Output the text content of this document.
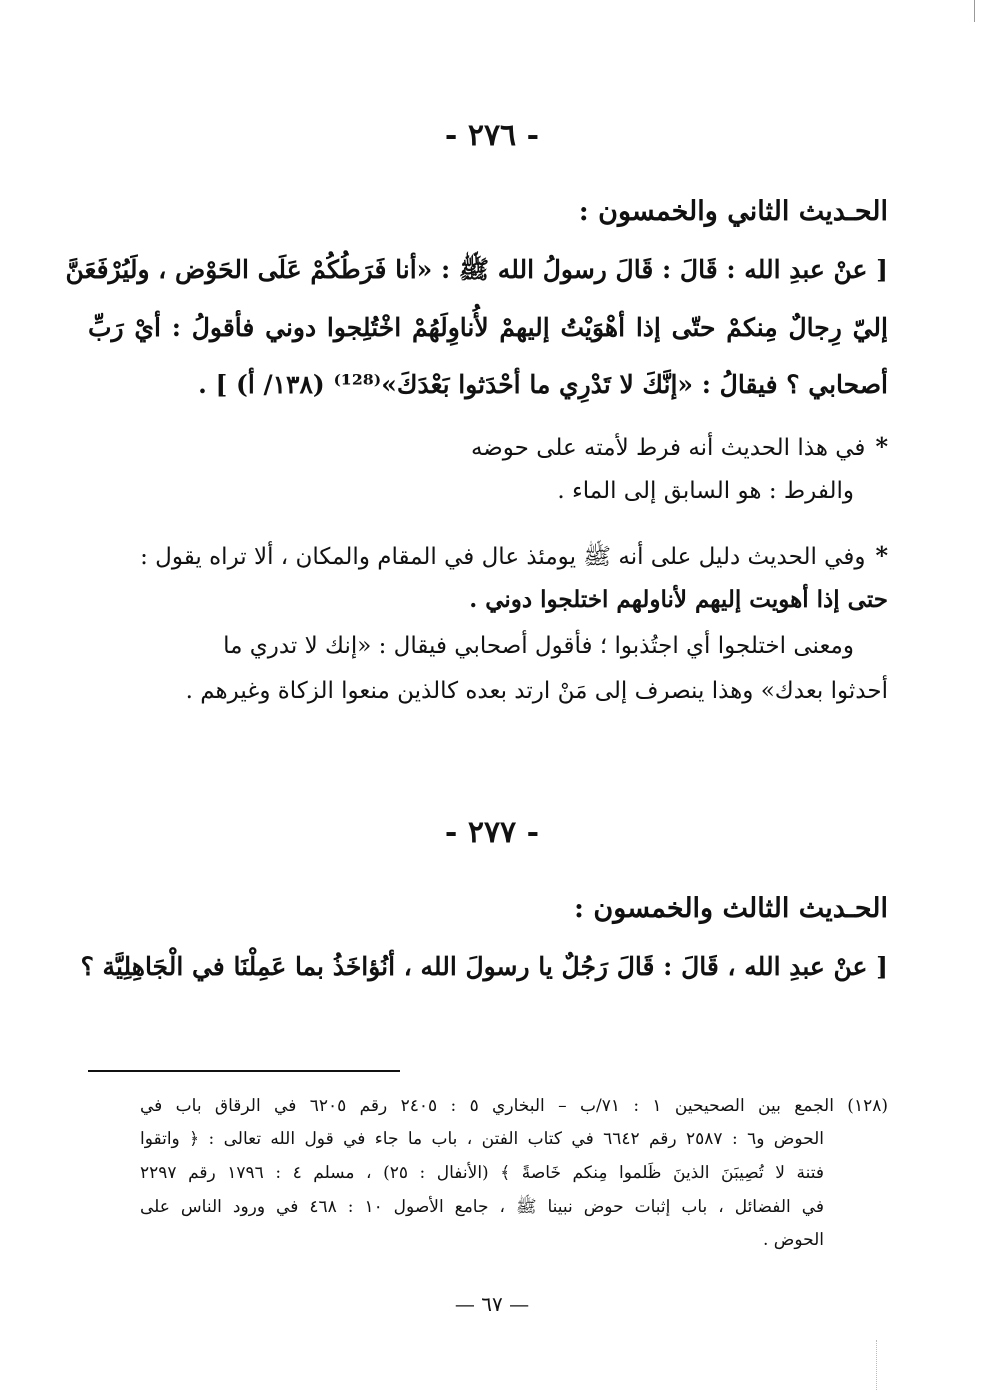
- ٢٧٦ -
الحـديث الثاني والخمسون :
[ عنْ عبدِ الله : قَالَ : قَالَ رسولُ الله ﷺ : «أنا فَرَطُكُمْ عَلَى الحَوْض ، ولَيُرْفَعَنَّ
إليّ رِجالٌ مِنكمْ حتّى إذا أهْوَيْتُ إليهمْ لأُناوِلَهُمْ اخْتُلِجوا دوني فأقولُ : أيْ رَبِّ
أصحابي ؟ فيقالُ : «إنَّكَ لا تَدْرِي ما أحْدَثوا بَعْدَكَ»⁽¹²⁸⁾ (١٣٨/ أ) ] .
*في هذا الحديث أنه فرط لأمته على حوضه
والفرط : هو السابق إلى الماء .
*وفي الحديث دليل على أنه ﷺ يومئذ عال في المقام والمكان ، ألا تراه يقول :
حتى إذا أهويت إليهم لأناولهم اختلجوا دوني .
ومعنى اختلجوا أي اجتُذبوا ؛ فأقول أصحابي فيقال : «إنك لا تدري ما
أحدثوا بعدك» وهذا ينصرف إلى مَنْ ارتد بعده كالذين منعوا الزكاة وغيرهم .
- ٢٧٧ -
الحـديث الثالث والخمسون :
[ عنْ عبدِ الله ، قَالَ : قَالَ رَجُلٌ يا رسولَ الله ، أنُؤاخَذُ بما عَمِلْنَا في الْجَاهِلِيَّة ؟
(١٢٨) الجمع بين الصحيحين ١ : ٧١/ب – البخاري ٥ : ٢٤٠٥ رقم ٦٢٠٥ في الرقاق باب في
الحوض و٦ : ٢٥٨٧ رقم ٦٦٤٢ في كتاب الفتن ، باب ما جاء في قول الله تعالى : ﴿ واتقوا
فتنة لا تُصِيبَنَ الذينَ ظَلموا مِنكم خَاصةً ﴾ (الأنفال : ٢٥) ، مسلم ٤ : ١٧٩٦ رقم ٢٢٩٧
في الفضائل ، باب إثبات حوض نبينا ﷺ ، جامع الأصول ١٠ : ٤٦٨ في ورود الناس على
الحوض .
— ٦٧ —
